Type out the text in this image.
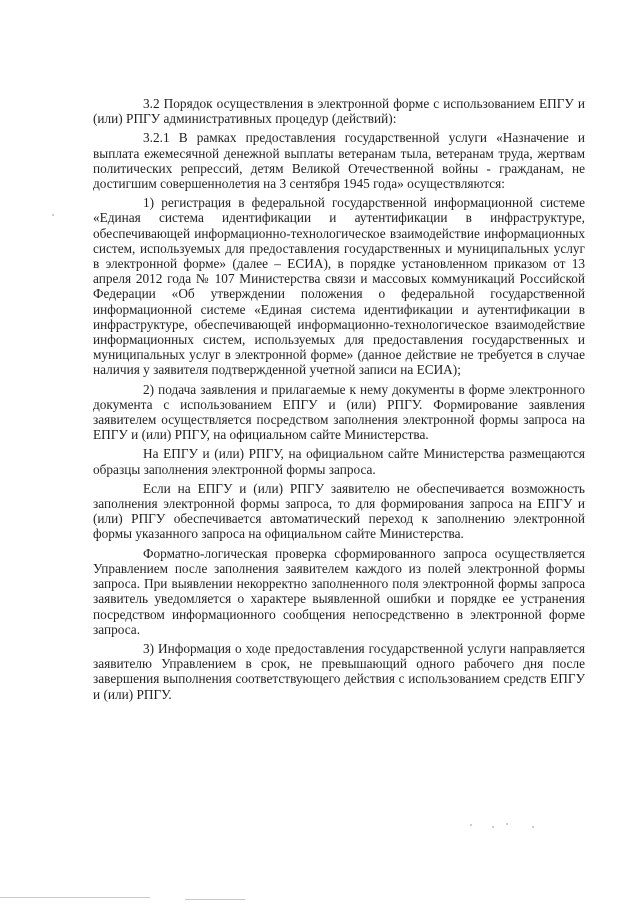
3.2 Порядок осуществления в электронной форме с использованием ЕПГУ и (или) РПГУ административных процедур (действий):

3.2.1 В рамках предоставления государственной услуги «Назначение и выплата ежемесячной денежной выплаты ветеранам тыла, ветеранам труда, жертвам политических репрессий, детям Великой Отечественной войны - гражданам, не достигшим совершеннолетия на 3 сентября 1945 года» осуществляются:

1) регистрация в федеральной государственной информационной системе «Единая система идентификации и аутентификации в инфраструктуре, обеспечивающей информационно-технологическое взаимодействие информационных систем, используемых для предоставления государственных и муниципальных услуг в электронной форме» (далее – ЕСИА), в порядке установленном приказом от 13 апреля 2012 года № 107 Министерства связи и массовых коммуникаций Российской Федерации «Об утверждении положения о федеральной государственной информационной системе «Единая система идентификации и аутентификации в инфраструктуре, обеспечивающей информационно-технологическое взаимодействие информационных систем, используемых для предоставления государственных и муниципальных услуг в электронной форме» (данное действие не требуется в случае наличия у заявителя подтвержденной учетной записи на ЕСИА);

2) подача заявления и прилагаемые к нему документы в форме электронного документа с использованием ЕПГУ и (или) РПГУ. Формирование заявления заявителем осуществляется посредством заполнения электронной формы запроса на ЕПГУ и (или) РПГУ, на официальном сайте Министерства.

На ЕПГУ и (или) РПГУ, на официальном сайте Министерства размещаются образцы заполнения электронной формы запроса.

Если на ЕПГУ и (или) РПГУ заявителю не обеспечивается возможность заполнения электронной формы запроса, то для формирования запроса на ЕПГУ и (или) РПГУ обеспечивается автоматический переход к заполнению электронной формы указанного запроса на официальном сайте Министерства.

Форматно-логическая проверка сформированного запроса осуществляется Управлением после заполнения заявителем каждого из полей электронной формы запроса. При выявлении некорректно заполненного поля электронной формы запроса заявитель уведомляется о характере выявленной ошибки и порядке ее устранения посредством информационного сообщения непосредственно в электронной форме запроса.

3) Информация о ходе предоставления государственной услуги направляется заявителю Управлением в срок, не превышающий одного рабочего дня после завершения выполнения соответствующего действия с использованием средств ЕПГУ и (или) РПГУ.
